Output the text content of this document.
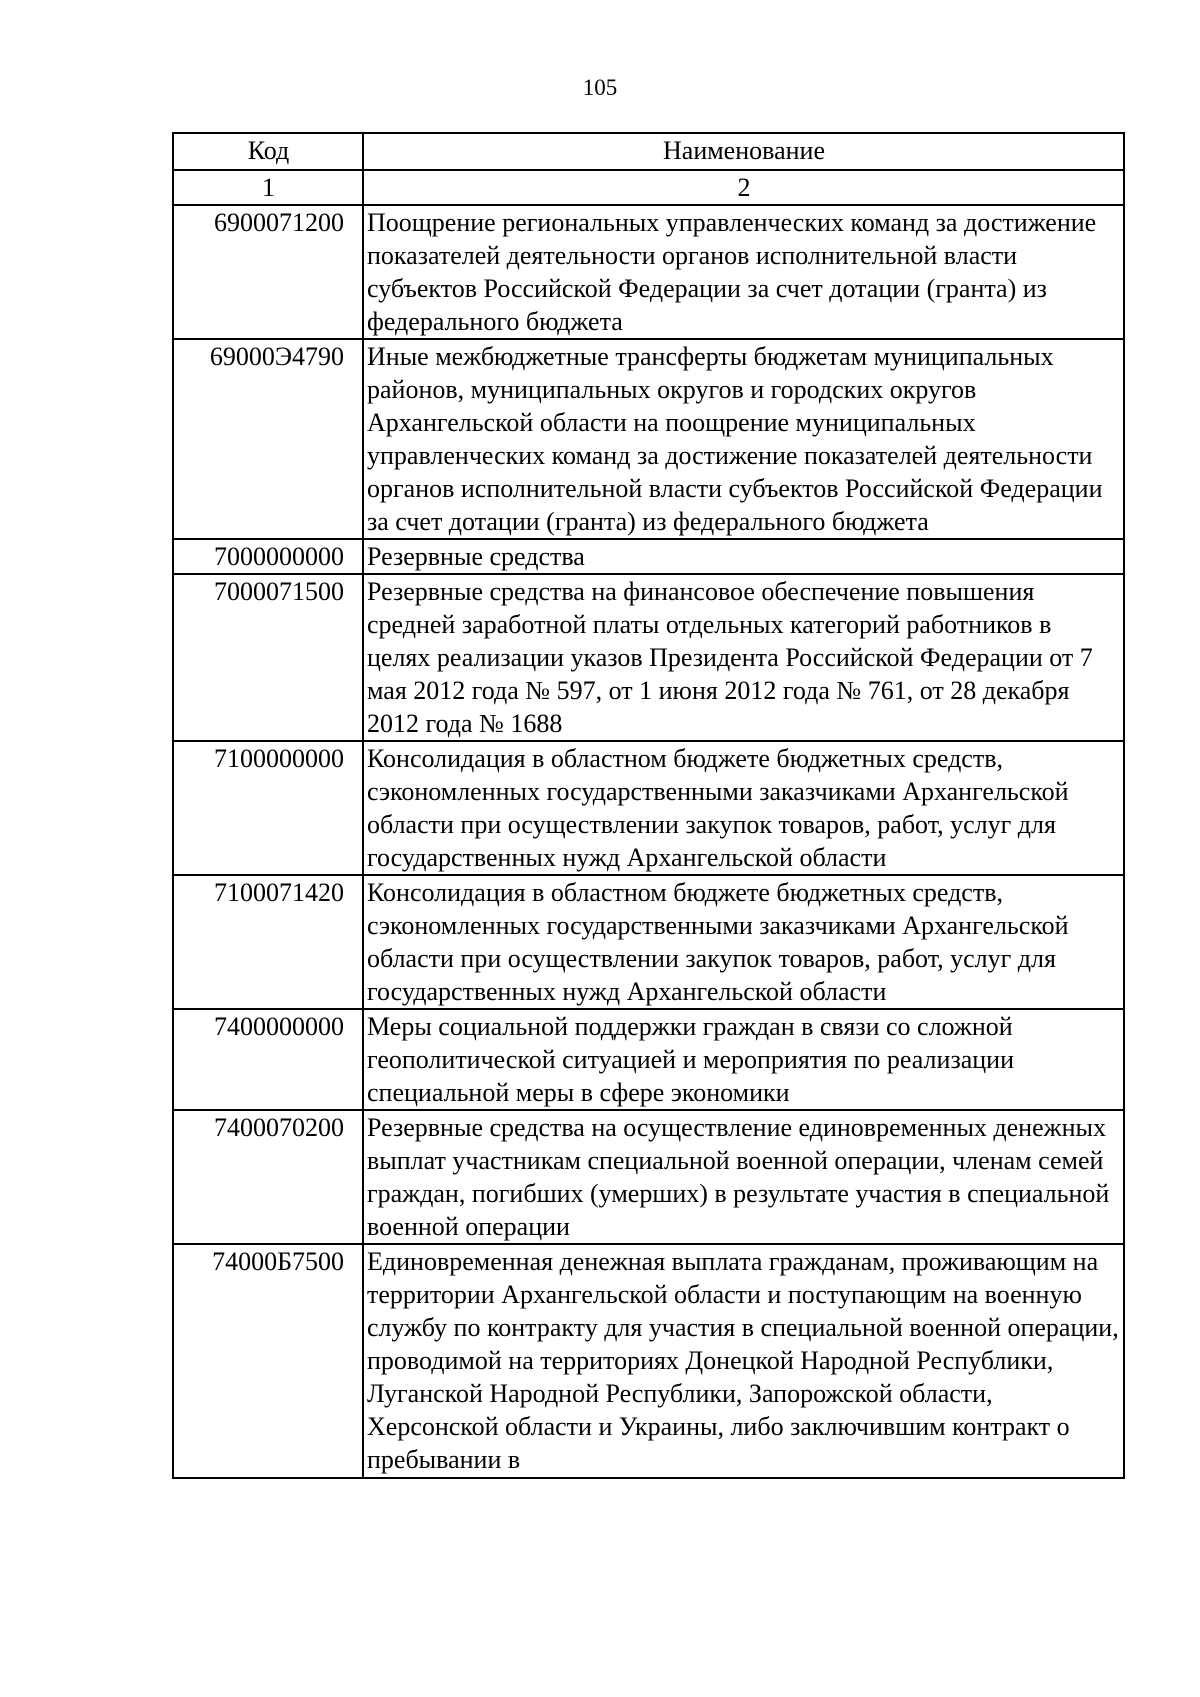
105
Код	Наименование
1	2
6900071200	Поощрение региональных управленческих команд за достижение показателей деятельности органов исполнительной власти субъектов Российской Федерации за счет дотации (гранта) из федерального бюджета
69000Э4790	Иные межбюджетные трансферты бюджетам муниципальных районов, муниципальных округов и городских округов Архангельской области на поощрение муниципальных управленческих команд за достижение показателей деятельности органов исполнительной власти субъектов Российской Федерации за счет дотации (гранта) из федерального бюджета
7000000000	Резервные средства
7000071500	Резервные средства на финансовое обеспечение повышения средней заработной платы отдельных категорий работников в целях реализации указов Президента Российской Федерации от 7 мая 2012 года № 597, от 1 июня 2012 года № 761, от 28 декабря 2012 года № 1688
7100000000	Консолидация в областном бюджете бюджетных средств, сэкономленных государственными заказчиками Архангельской области при осуществлении закупок товаров, работ, услуг для государственных нужд Архангельской области
7100071420	Консолидация в областном бюджете бюджетных средств, сэкономленных государственными заказчиками Архангельской области при осуществлении закупок товаров, работ, услуг для государственных нужд Архангельской области
7400000000	Меры социальной поддержки граждан в связи со сложной геополитической ситуацией и мероприятия по реализации специальной меры в сфере экономики
7400070200	Резервные средства на осуществление единовременных денежных выплат участникам специальной военной операции, членам семей граждан, погибших (умерших) в результате участия в специальной военной операции
74000Б7500	Единовременная денежная выплата гражданам, проживающим на территории Архангельской области и поступающим на военную службу по контракту для участия в специальной военной операции, проводимой на территориях Донецкой Народной Республики, Луганской Народной Республики, Запорожской области, Херсонской области и Украины, либо заключившим контракт о пребывании в
